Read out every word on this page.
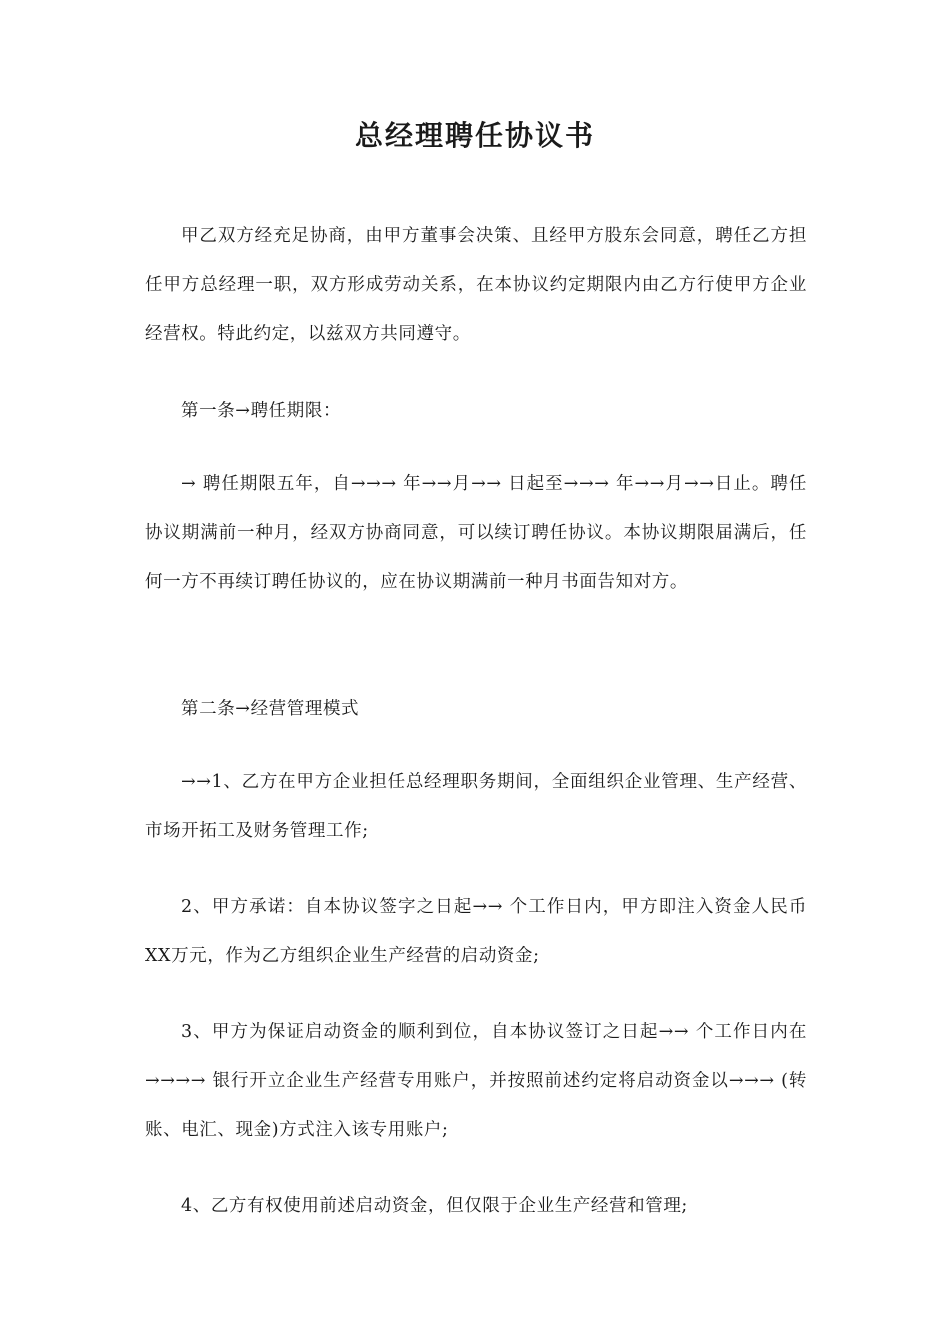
总经理聘任协议书

甲乙双方经充足协商，由甲方董事会决策、且经甲方股东会同意，聘任乙方担任甲方总经理一职，双方形成劳动关系，在本协议约定期限内由乙方行使甲方企业经营权。特此约定，以兹双方共同遵守。

第一条→聘任期限：

→ 聘任期限五年，自→→→ 年→→月→→ 日起至→→→ 年→→月→→日止。聘任协议期满前一种月，经双方协商同意，可以续订聘任协议。本协议期限届满后，任何一方不再续订聘任协议的，应在协议期满前一种月书面告知对方。

第二条→经营管理模式

→→1、乙方在甲方企业担任总经理职务期间，全面组织企业管理、生产经营、市场开拓工及财务管理工作;

2、甲方承诺：自本协议签字之日起→→ 个工作日内，甲方即注入资金人民币XX万元，作为乙方组织企业生产经营的启动资金;

3、甲方为保证启动资金的顺利到位，自本协议签订之日起→→ 个工作日内在→→→→ 银行开立企业生产经营专用账户，并按照前述约定将启动资金以→→→ (转账、电汇、现金)方式注入该专用账户;

4、乙方有权使用前述启动资金，但仅限于企业生产经营和管理;
